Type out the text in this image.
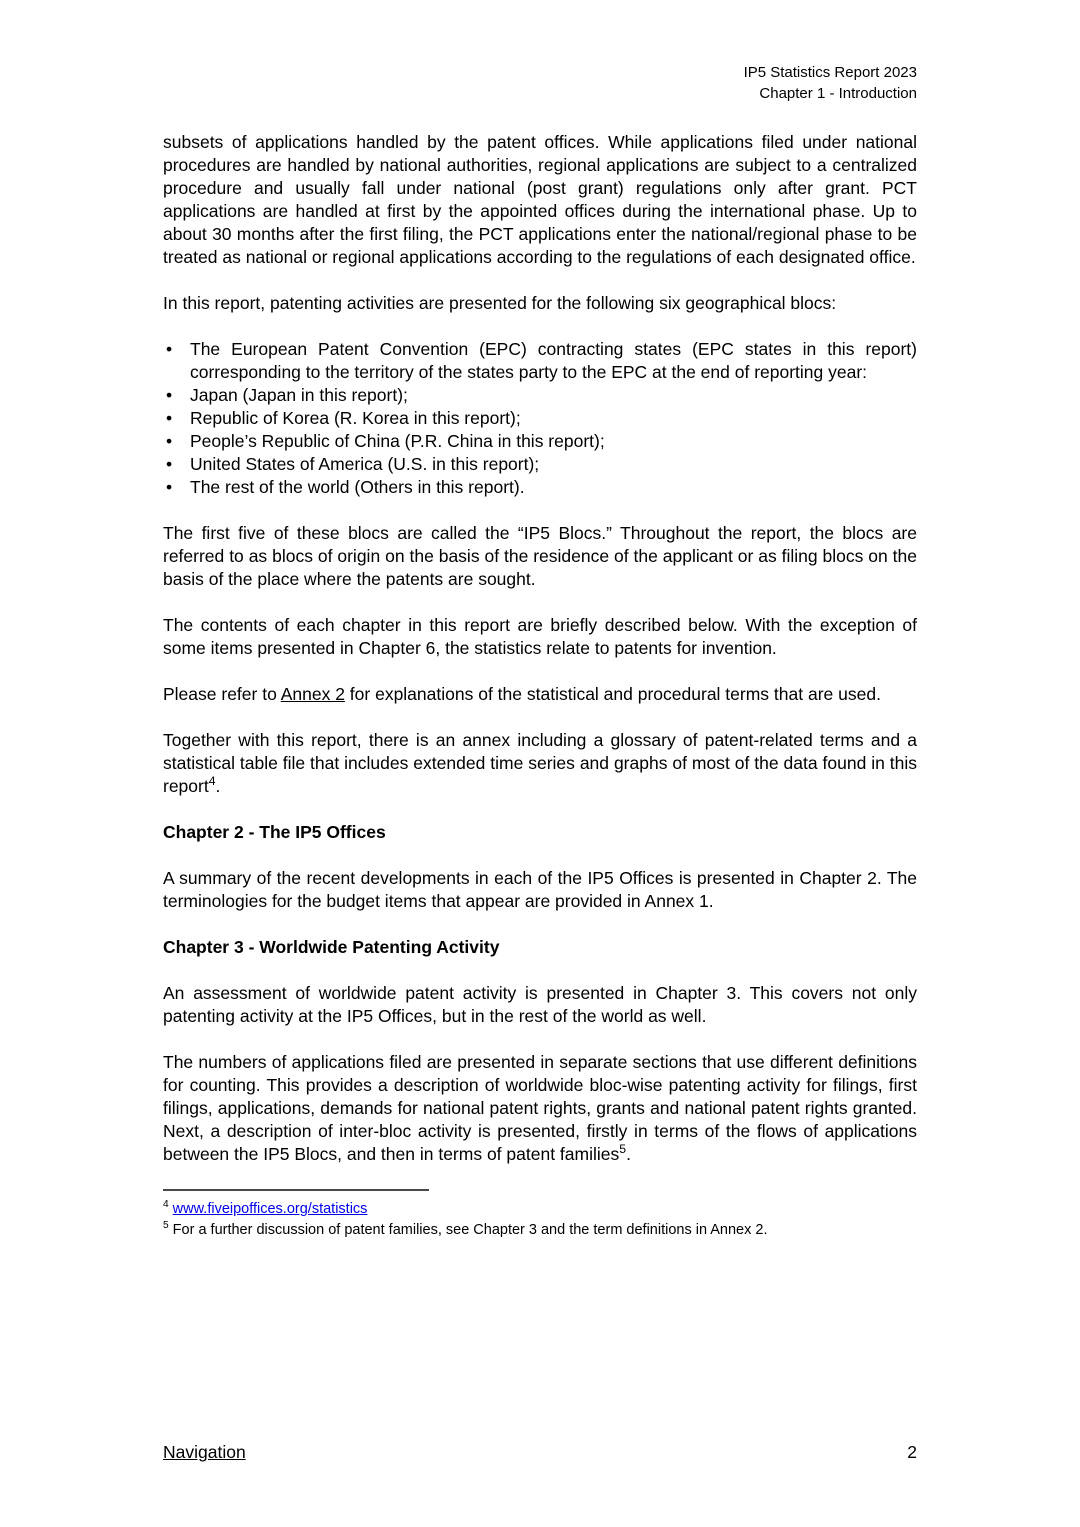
IP5 Statistics Report 2023
Chapter 1 - Introduction

subsets of applications handled by the patent offices. While applications filed under national procedures are handled by national authorities, regional applications are subject to a centralized procedure and usually fall under national (post grant) regulations only after grant. PCT applications are handled at first by the appointed offices during the international phase. Up to about 30 months after the first filing, the PCT applications enter the national/regional phase to be treated as national or regional applications according to the regulations of each designated office.

In this report, patenting activities are presented for the following six geographical blocs:

• The European Patent Convention (EPC) contracting states (EPC states in this report) corresponding to the territory of the states party to the EPC at the end of reporting year:
• Japan (Japan in this report);
• Republic of Korea (R. Korea in this report);
• People’s Republic of China (P.R. China in this report);
• United States of America (U.S. in this report);
• The rest of the world (Others in this report).

The first five of these blocs are called the “IP5 Blocs.” Throughout the report, the blocs are referred to as blocs of origin on the basis of the residence of the applicant or as filing blocs on the basis of the place where the patents are sought.

The contents of each chapter in this report are briefly described below. With the exception of some items presented in Chapter 6, the statistics relate to patents for invention.

Please refer to Annex 2 for explanations of the statistical and procedural terms that are used.

Together with this report, there is an annex including a glossary of patent-related terms and a statistical table file that includes extended time series and graphs of most of the data found in this report$^4$.

Chapter 2 - The IP5 Offices

A summary of the recent developments in each of the IP5 Offices is presented in Chapter 2. The terminologies for the budget items that appear are provided in Annex 1.

Chapter 3 - Worldwide Patenting Activity

An assessment of worldwide patent activity is presented in Chapter 3. This covers not only patenting activity at the IP5 Offices, but in the rest of the world as well.

The numbers of applications filed are presented in separate sections that use different definitions for counting. This provides a description of worldwide bloc-wise patenting activity for filings, first filings, applications, demands for national patent rights, grants and national patent rights granted. Next, a description of inter-bloc activity is presented, firstly in terms of the flows of applications between the IP5 Blocs, and then in terms of patent families$^5$.

$^4$ www.fiveipoffices.org/statistics
$^5$ For a further discussion of patent families, see Chapter 3 and the term definitions in Annex 2.
Navigation	2
